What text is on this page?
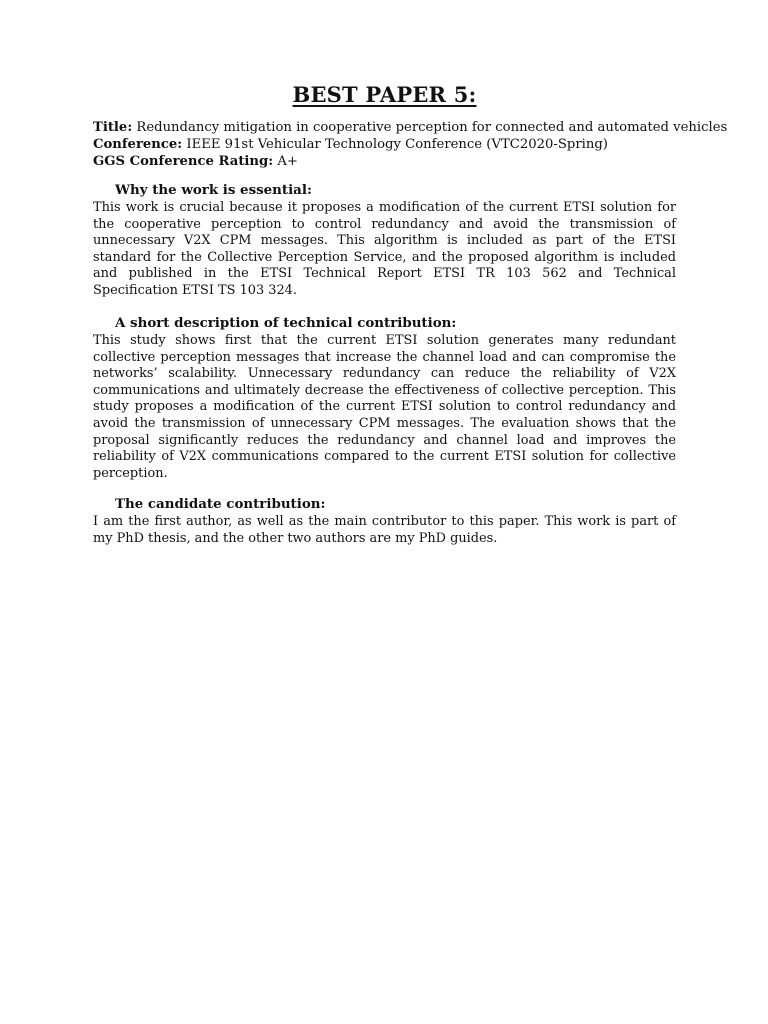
BEST PAPER 5:

Title: Redundancy mitigation in cooperative perception for connected and automated vehicles

Conference: IEEE 91st Vehicular Technology Conference (VTC2020-Spring)

GGS Conference Rating: A+

Why the work is essential:

This work is crucial because it proposes a modification of the current ETSI solution for the cooperative perception to control redundancy and avoid the transmission of unnecessary V2X CPM messages. This algorithm is included as part of the ETSI standard for the Collective Perception Service, and the proposed algorithm is included and published in the ETSI Technical Report ETSI TR 103 562 and Technical Specification ETSI TS 103 324.

A short description of technical contribution:

This study shows first that the current ETSI solution generates many redundant collective perception messages that increase the channel load and can compromise the networks’ scalability. Unnecessary redundancy can reduce the reliability of V2X communications and ultimately decrease the effectiveness of collective perception. This study proposes a modification of the current ETSI solution to control redundancy and avoid the transmission of unnecessary CPM messages. The evaluation shows that the proposal significantly reduces the redundancy and channel load and improves the reliability of V2X communications compared to the current ETSI solution for collective perception.

The candidate contribution:

I am the first author, as well as the main contributor to this paper. This work is part of my PhD thesis, and the other two authors are my PhD guides.
